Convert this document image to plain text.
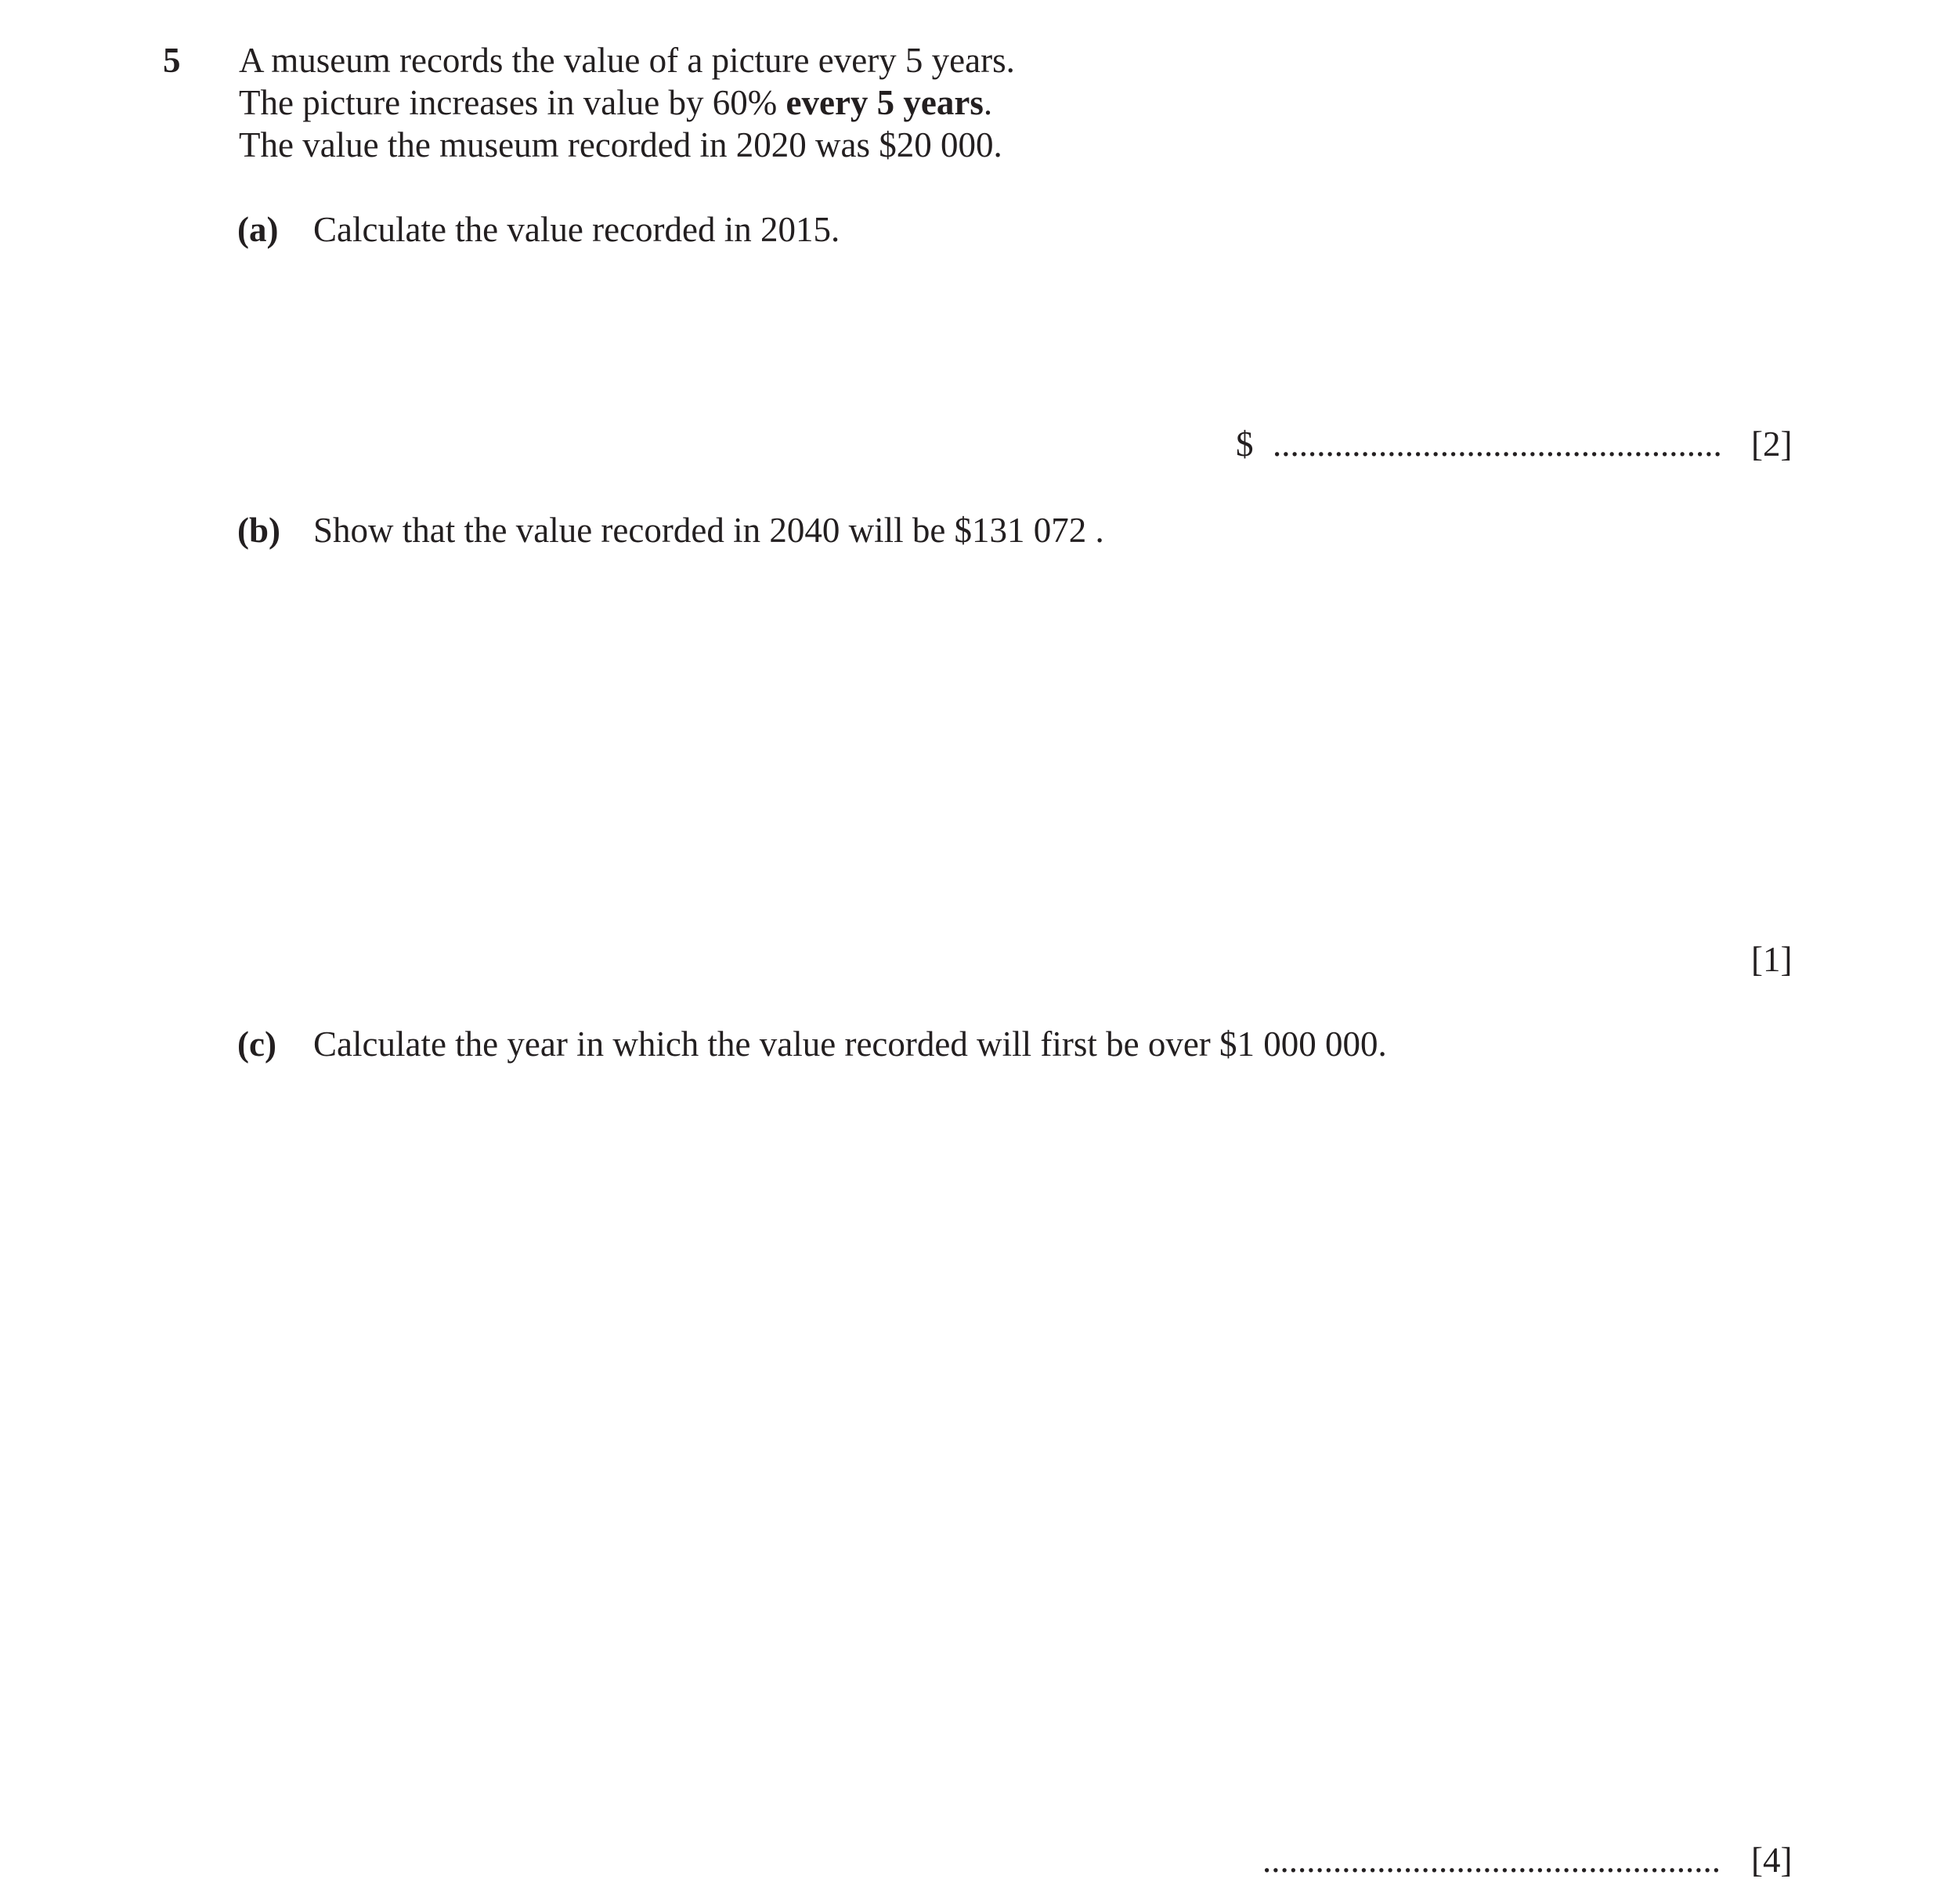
5 A museum records the value of a picture every 5 years.
The picture increases in value by 60% every 5 years.
The value the museum recorded in 2020 was $20 000.
(a) Calculate the value recorded in 2015.
$ ................................................... [2]
(b) Show that the value recorded in 2040 will be $131 072 .
[1]
(c) Calculate the year in which the value recorded will first be over $1 000 000.
.................................................... [4]
